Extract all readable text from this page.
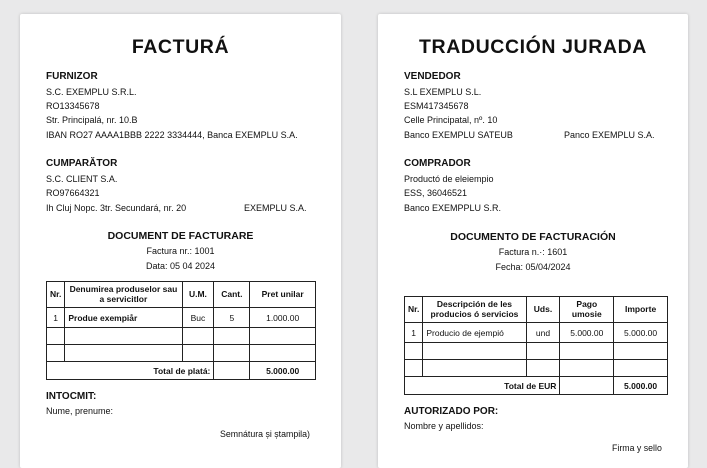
FACTURÁ
FURNIZOR
S.C. EXEMPLU S.R.L.
RO13345678
Str. Principalá, nr. 10.B
IBAN RO27 AAAA1BBB 2222 3334444, Banca EXEMPLU S.A.
CUMPARĂTOR
S.C. CLIENT S.A.
RO97664321
Ih Cluj Nopc. 3tr. Secundará, nr. 20	EXEMPLU S.A.
DOCUMENT DE FACTURARE
Factura nr.: 1001
Data: 05 04 2024
Nr.	Denumirea produselor sau a servicitlor	U.M.	Cant.	Pret unilar
1	Produe exempiår	Buc	5	1.000.00

Total de platá:				5.000.00
INTOCMIT:
Nume, prenume:
Semnátura și ștampila)
TRADUCCIÓN JURADA
VENDEDOR
S.L EXEMPLU S.L.
ESM417345678
Celle Principatal, nº. 10
Banco EXEMPLU SATEUB	Panco EXEMPLU S.A.
COMPRADOR
Productó de eleiempio
ESS, 36046521
Banco EXEMPPLU S.R.
DOCUMENTO DE FACTURACIÓN
Factura n.·: 1601
Fecha: 05/04/2024
Nr.	Descripción de les producios ó servicios	Uds.	Pago umosie	Importe
1	Producio de ejempió	und	5.000.00	5.000.00

Total de EUR				5.000.00
AUTORIZADO POR:
Nombre y apellidos:
Firma y sello
